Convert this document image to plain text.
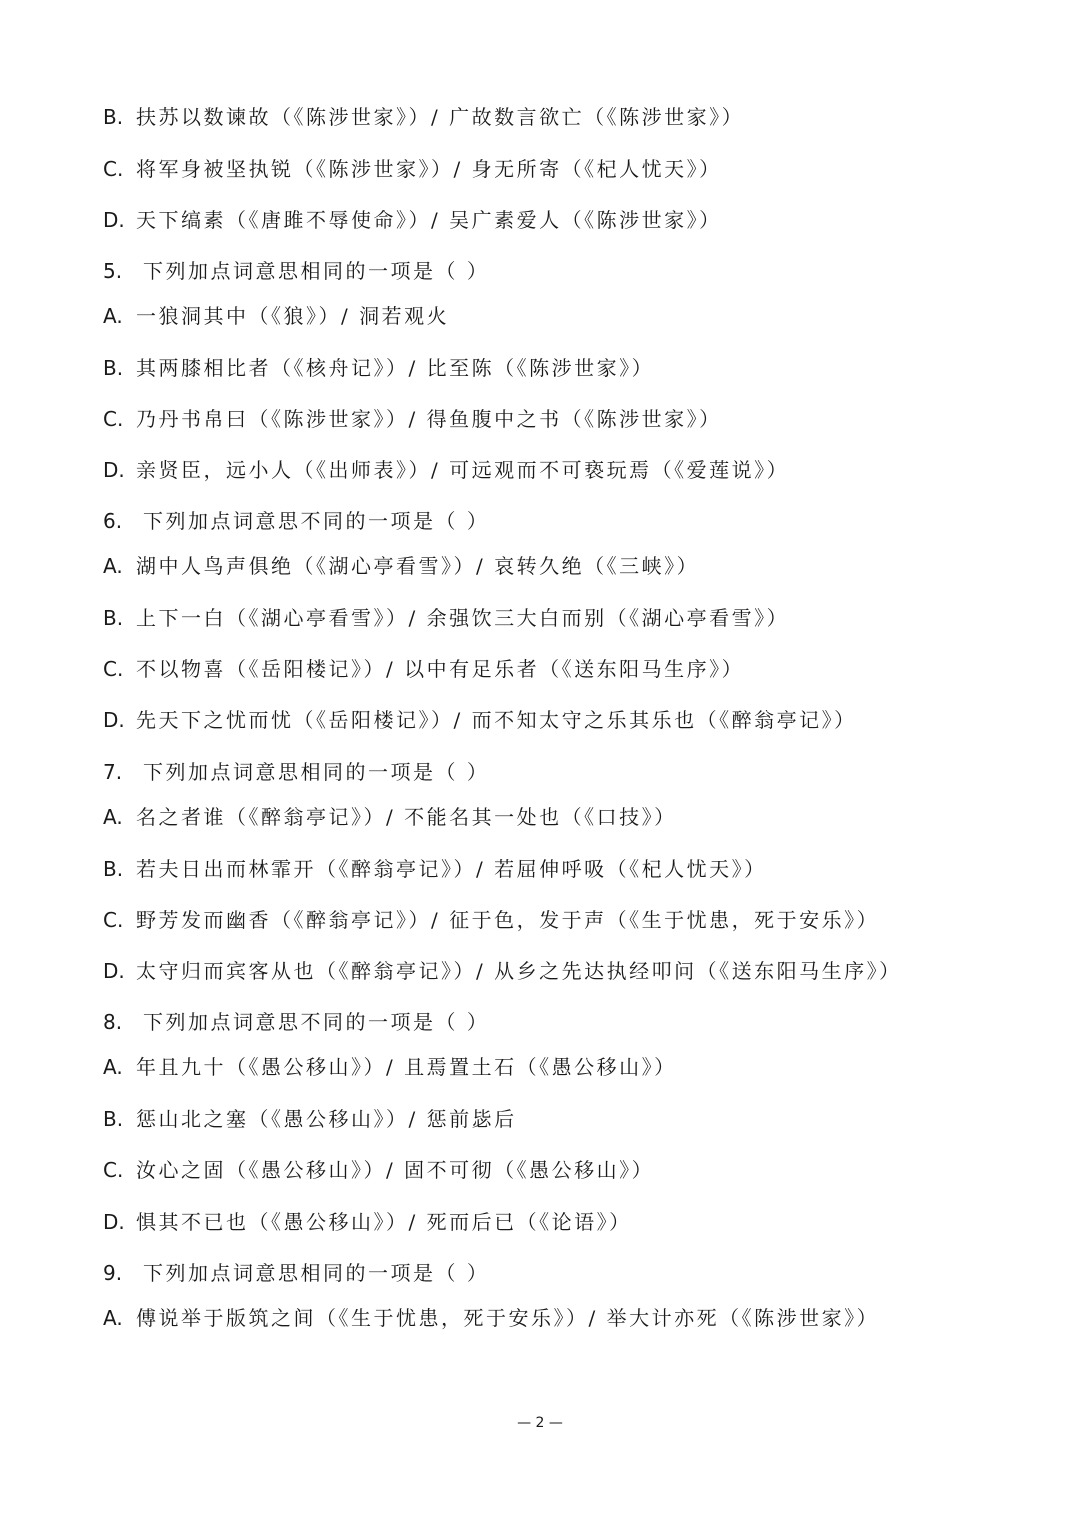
B. 扶苏以数谏故（《陈涉世家》）/ 广故数言欲亡（《陈涉世家》）
C. 将军身被坚执锐（《陈涉世家》）/ 身无所寄（《杞人忧天》）
D. 天下缟素（《唐雎不辱使命》）/ 吴广素爱人（《陈涉世家》）
5. 下列加点词意思相同的一项是（ ）
A. 一狼洞其中（《狼》）/ 洞若观火
B. 其两膝相比者（《核舟记》）/ 比至陈（《陈涉世家》）
C. 乃丹书帛曰（《陈涉世家》）/ 得鱼腹中之书（《陈涉世家》）
D. 亲贤臣，远小人（《出师表》）/ 可远观而不可亵玩焉（《爱莲说》）
6. 下列加点词意思不同的一项是（ ）
A. 湖中人鸟声俱绝（《湖心亭看雪》）/ 哀转久绝（《三峡》）
B. 上下一白（《湖心亭看雪》）/ 余强饮三大白而别（《湖心亭看雪》）
C. 不以物喜（《岳阳楼记》）/ 以中有足乐者（《送东阳马生序》）
D. 先天下之忧而忧（《岳阳楼记》）/ 而不知太守之乐其乐也（《醉翁亭记》）
7. 下列加点词意思相同的一项是（ ）
A. 名之者谁（《醉翁亭记》）/ 不能名其一处也（《口技》）
B. 若夫日出而林霏开（《醉翁亭记》）/ 若屈伸呼吸（《杞人忧天》）
C. 野芳发而幽香（《醉翁亭记》）/ 征于色，发于声（《生于忧患，死于安乐》）
D. 太守归而宾客从也（《醉翁亭记》）/ 从乡之先达执经叩问（《送东阳马生序》）
8. 下列加点词意思不同的一项是（ ）
A. 年且九十（《愚公移山》）/ 且焉置土石（《愚公移山》）
B. 惩山北之塞（《愚公移山》）/ 惩前毖后
C. 汝心之固（《愚公移山》）/ 固不可彻（《愚公移山》）
D. 惧其不已也（《愚公移山》）/ 死而后已（《论语》）
9. 下列加点词意思相同的一项是（ ）
A. 傅说举于版筑之间（《生于忧患，死于安乐》）/ 举大计亦死（《陈涉世家》）
— 2 —
